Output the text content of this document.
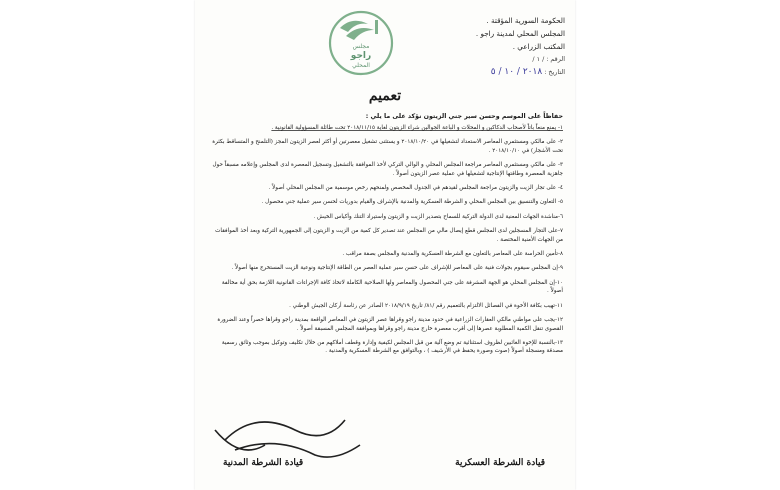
الحكومة السورية المؤقتة .
المجلس المحلي لمدينة راجو .
المكتب الزراعي .
الرقم : / ١ /
التاريخ : ٢٠١٨ / ١٠ / ٥
مجلس
راجو
المحلي
تعميم
حفاظاً على الموسم وحسن سير جني الزيتون نؤكد على ما يلي :
١- يمنع منعاً باتاً لأصحاب الدكاكين و المحلات و الباعة الجوالين شراء الزيتون لغاية ٢٠١٨/١١/١٥ تحت طائلة المسؤولية القانونية .
٢- على مالكي ومستثمري المعاصر الاستعداد لتشغيلها في ٢٠١٨/١٠/٢٠ و يستثنى تشغيل معصرتين أو أكثر لعصر الزيتون المجز (التلمنح و المتساقط بكثرة تحت الأشجار) في ٢٠١٨/١٠/١٠ .
٣- على مالكي ومستثمري المعاصر مراجعة المجلس المحلي و الوالي التركي لأخذ الموافقة بالتشغيل وتسجيل المعصرة لدى المجلس وإعلامه مسبقاً حول جاهزية المعصرة وطاقتها الإنتاجية لتشغيلها في عملية عصر الزيتون أصولاً .
٤- على تجار الزيت والزيتون مراجعة المجلس لقيدهم في الجدول المخصص ولمنحهم رخص موسمية من المجلس المحلي أصولاً .
٥- التعاون والتنسيق بين المجلس المحلي و الشرطة العسكرية والمدنية بالإشراف والقيام بدوريات لحسن سير عملية جني محصول .
٦-مناشدة الجهات المعنية لدى الدولة التركية للسماح بتصدير الزيت و الزيتون واستيراد التنك وأكياس الخيش .
٧-على التجار المسجلين لدى المجلس قطع إيصال مالي من المجلس عند تصدير كل كمية من الزيت و الزيتون إلى الجمهورية التركية وبعد أخذ الموافقات من الجهات الأمنية المختصة .
٨-تأمين الحراسة على المعاصر بالتعاون مع الشرطة العسكرية والمدنية والمجلس بصفة مراقب .
٩-إن المجلس سيقوم بجولات فنية على المعاصر للإشراف على حسن سير عملية العصر من الطاقة الإنتاجية ونوعية الزيت المستخرج منها أصولاً .
١٠-إن المجلس المحلي هو الجهة المشرفة على جني المحصول والمعاصر ولها الصلاحية الكاملة لاتخاذ كافة الإجراءات القانونية اللازمة بحق أية مخالفة أصولاً .
١١-تهيب بكافة الأخوة في الفصائل الالتزام بالتعميم رقم /٨١/ تاريخ ٢٠١٨/٩/١٩ الصادر عن رئاسة أركان الجيش الوطني .
١٢-يجب على مواطني مالكي العقارات الزراعية في حدود مدينة راجو وقراها عصر الزيتون في المعاصر الواقعة بمدينة راجو وقراها حصراً وعند الضرورة القصوى تنقل الكمية المطلوبة عصرها إلى أقرب معصرة خارج مدينة راجو وقراها وبموافقة المجلس المسبقة أصولاً .
١٣-بالنسبة للإخوة الغائبين لظروف استثنائية تم وضع آلية من قبل المجلس لكيفية وإدارة وقطف أملاكهم من خلال تكليف وتوكيل بموجب وثائق رسمية مصدقة ومسجلة أصولاً (صوت وصورة يحفظ في الأرشيف ) ، وبالتوافق مع الشرطة العسكرية والمدنية .
قيادة الشرطة المدنية	قيادة الشرطة العسكرية
